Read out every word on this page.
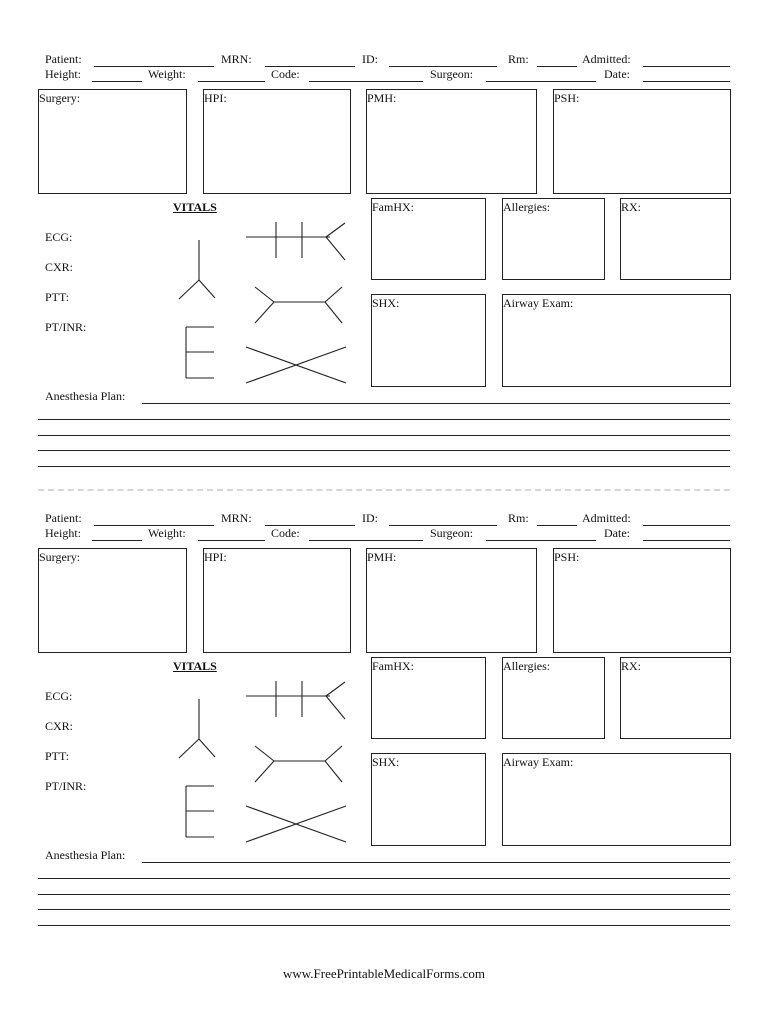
Patient:	MRN:	ID:	Rm:	Admitted:
Height:	Weight:	Code:	Surgeon:	Date:
Surgery:	HPI:	PMH:	PSH:
VITALS
ECG:
CXR:
PTT:
PT/INR:
FamHX:	Allergies:	RX:
SHX:	Airway Exam:
Anesthesia Plan:
Patient:	MRN:	ID:	Rm:	Admitted:
Height:	Weight:	Code:	Surgeon:	Date:
Surgery:	HPI:	PMH:	PSH:
VITALS
ECG:
CXR:
PTT:
PT/INR:
FamHX:	Allergies:	RX:
SHX:	Airway Exam:
Anesthesia Plan:
www.FreePrintableMedicalForms.com
